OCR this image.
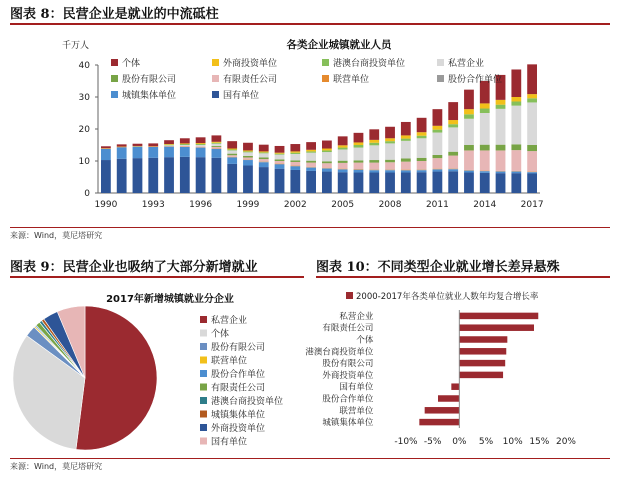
图表 8：民营企业是就业的中流砥柱
各类企业城镇就业人员
千万人
0
10
20
30
40
1990	1993	1996	1999	2002	2005	2008	2011	2014	2017
个体	外商投资单位	港澳台商投资单位	私营企业
股份有限公司	有限责任公司	联营单位	股份合作单位
城镇集体单位	国有单位
来源：Wind，莫尼塔研究
图表 9：民营企业也吸纳了大部分新增就业
2017年新增城镇就业分企业
私营企业
个体
股份有限公司
联营单位
股份合作单位
有限责任公司
港澳台商投资单位
城镇集体单位
外商投资单位
国有单位
来源：Wind，莫尼塔研究
图表 10：不同类型企业就业增长差异悬殊
2000-2017年各类单位就业人数年均复合增长率
私营企业
有限责任公司
个体
港澳台商投资单位
股份有限公司
外商投资单位
国有单位
股份合作单位
联营单位
城镇集体单位
-10% -5% 0% 5% 10% 15% 20%
